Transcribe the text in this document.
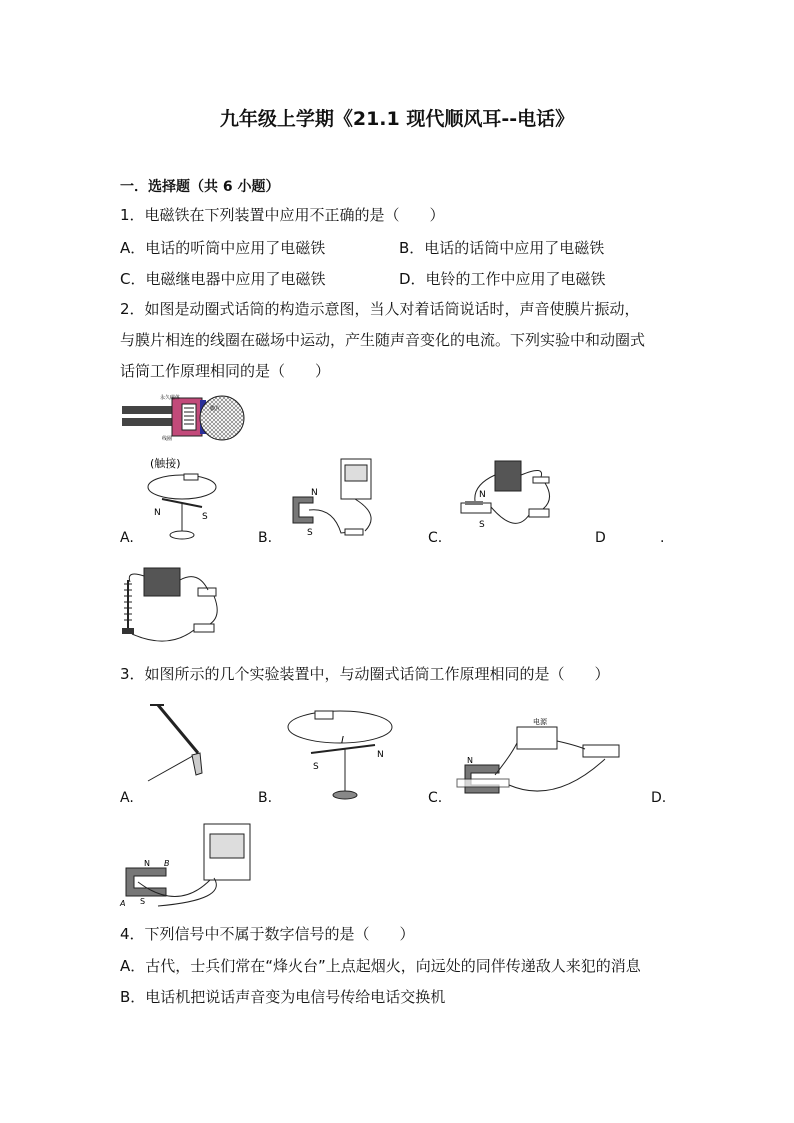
九年级上学期《21.1 现代顺风耳--电话》
一．选择题（共 6 小题）
1．电磁铁在下列装置中应用不正确的是（　　）
A．电话的听筒中应用了电磁铁	B．电话的话筒中应用了电磁铁
C．电磁继电器中应用了电磁铁	D．电铃的工作中应用了电磁铁
2．如图是动圈式话筒的构造示意图，当人对着话筒说话时，声音使膜片振动，
与膜片相连的线圈在磁场中运动，产生随声音变化的电流。下列实验中和动圈式
话筒工作原理相同的是（　　）
永久磁体
膜片
线圈
(触接)
N	S
N
S
N
S
A.	B.	C.	D	.
3．如图所示的几个实验装置中，与动圈式话筒工作原理相同的是（　　）
I
S
N
电源
N
A.	B.	C.	D.
N
S
A
B
4．下列信号中不属于数字信号的是（　　）
A．古代，士兵们常在“烽火台”上点起烟火，向远处的同伴传递敌人来犯的消息
B．电话机把说话声音变为电信号传给电话交换机
